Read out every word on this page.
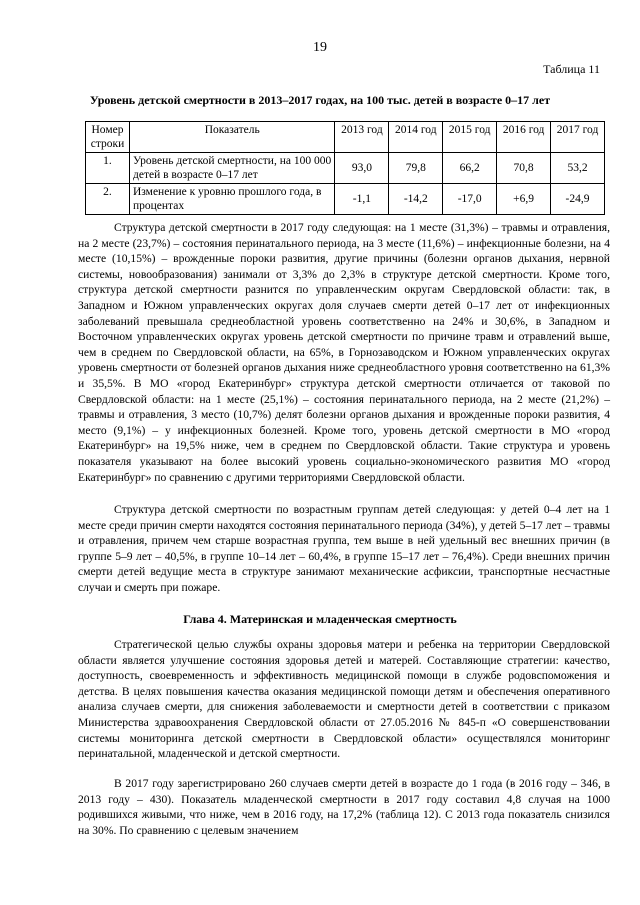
19
Таблица 11
Уровень детской смертности в 2013–2017 годах, на 100 тыс. детей в возрасте 0–17 лет
Номер строки	Показатель	2013 год	2014 год	2015 год	2016 год	2017 год
1.	Уровень детской смертности, на 100 000 детей в возрасте 0–17 лет	93,0	79,8	66,2	70,8	53,2
2.	Изменение к уровню прошлого года, в процентах	-1,1	-14,2	-17,0	+6,9	-24,9

Структура детской смертности в 2017 году следующая: на 1 месте (31,3%) – травмы и отравления, на 2 месте (23,7%) – состояния перинатального периода, на 3 месте (11,6%) – инфекционные болезни, на 4 месте (10,15%) – врожденные пороки развития, другие причины (болезни органов дыхания, нервной системы, новообразования) занимали от 3,3% до 2,3% в структуре детской смертности. Кроме того, структура детской смертности разнится по управленческим округам Свердловской области: так, в Западном и Южном управленческих округах доля случаев смерти детей 0–17 лет от инфекционных заболеваний превышала среднеобластной уровень соответственно на 24% и 30,6%, в Западном и Восточном управленческих округах уровень детской смертности по причине травм и отравлений выше, чем в среднем по Свердловской области, на 65%, в Горнозаводском и Южном управленческих округах уровень смертности от болезней органов дыхания ниже среднеобластного уровня соответственно на 61,3% и 35,5%. В МО «город Екатеринбург» структура детской смертности отличается от таковой по Свердловской области: на 1 месте (25,1%) – состояния перинатального периода, на 2 месте (21,2%) – травмы и отравления, 3 место (10,7%) делят болезни органов дыхания и врожденные пороки развития, 4 место (9,1%) – у инфекционных болезней. Кроме того, уровень детской смертности в МО «город Екатеринбург» на 19,5% ниже, чем в среднем по Свердловской области. Такие структура и уровень показателя указывают на более высокий уровень социально-экономического развития МО «город Екатеринбург» по сравнению с другими территориями Свердловской области.

Структура детской смертности по возрастным группам детей следующая: у детей 0–4 лет на 1 месте среди причин смерти находятся состояния перинатального периода (34%), у детей 5–17 лет – травмы и отравления, причем чем старше возрастная группа, тем выше в ней удельный вес внешних причин (в группе 5–9 лет – 40,5%, в группе 10–14 лет – 60,4%, в группе 15–17 лет – 76,4%). Среди внешних причин смерти детей ведущие места в структуре занимают механические асфиксии, транспортные несчастные случаи и смерть при пожаре.

Глава 4. Материнская и младенческая смертность

Стратегической целью службы охраны здоровья матери и ребенка на территории Свердловской области является улучшение состояния здоровья детей и матерей. Составляющие стратегии: качество, доступность, своевременность и эффективность медицинской помощи в службе родовспоможения и детства. В целях повышения качества оказания медицинской помощи детям и обеспечения оперативного анализа случаев смерти, для снижения заболеваемости и смертности детей в соответствии с приказом Министерства здравоохранения Свердловской области от 27.05.2016 № 845-п «О совершенствовании системы мониторинга детской смертности в Свердловской области» осуществлялся мониторинг перинатальной, младенческой и детской смертности.

В 2017 году зарегистрировано 260 случаев смерти детей в возрасте до 1 года (в 2016 году – 346, в 2013 году – 430). Показатель младенческой смертности в 2017 году составил 4,8 случая на 1000 родившихся живыми, что ниже, чем в 2016 году, на 17,2% (таблица 12). С 2013 года показатель снизился на 30%. По сравнению с целевым значением
